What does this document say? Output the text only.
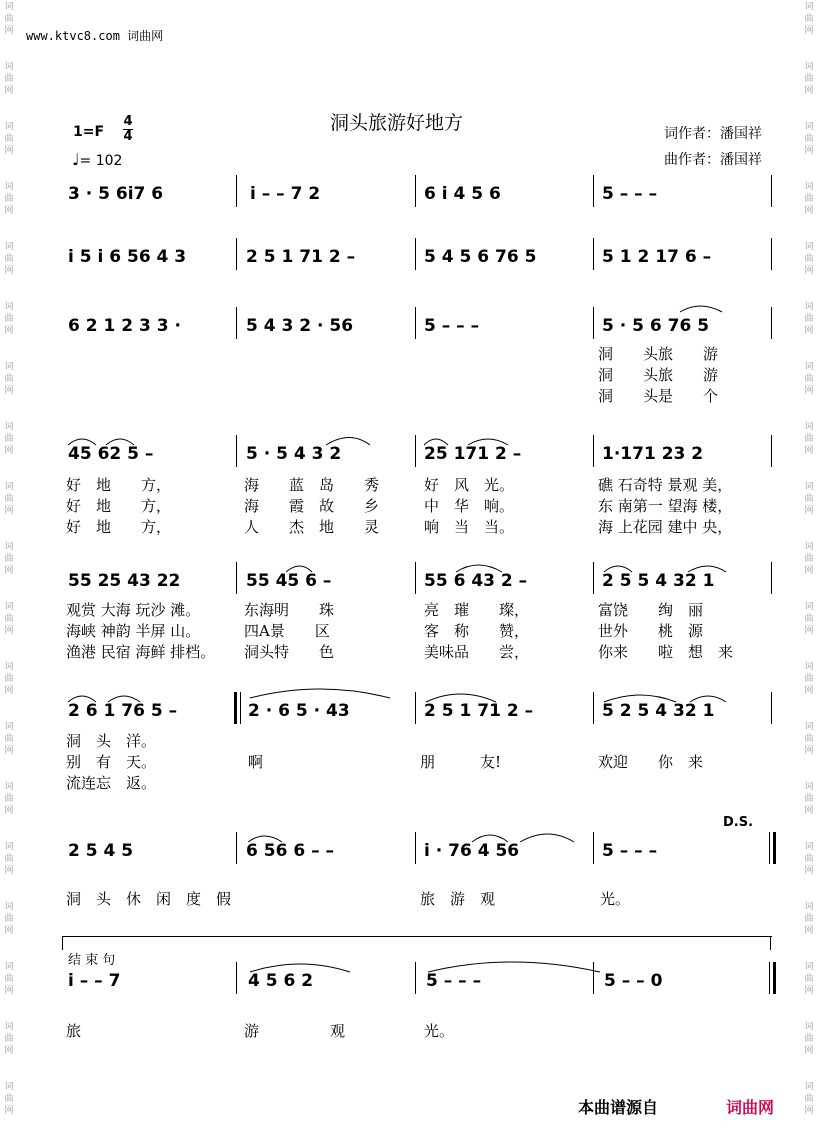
词
曲
网
词
曲
网
词
曲
网
词
曲
网
词
曲
网
词
曲
网
词
曲
网
词
曲
网
词
曲
网
词
曲
网
词
曲
网
词
曲
网
词
曲
网
词
曲
网
词
曲
网
词
曲
网
词
曲
网
词
曲
网
词
曲
网
词
曲
网
词
曲
网
词
曲
网
词
曲
网
词
曲
网
词
曲
网
词
曲
网
词
曲
网
词
曲
网
词
曲
网
词
曲
网
词
曲
网
词
曲
网
词
曲
网
词
曲
网
词
曲
网
词
曲
网
词
曲
网
词
曲
网
www.ktvc8.com 词曲网
洞头旅游好地方
1=F
4
4
♩= 102
词作者：潘国祥
曲作者：潘国祥
3 · 5 6i7 6	i – – 7 2	6 i 4 5 6	5 – – –
i 5 i 6 56 4 3	2 5 1 71 2 –	5 4 5 6 76 5	5 1 2 17 6 –
6 2 1 2 3 3 ·	5 4 3 2 · 56	5 – – –	5 · 5 6 76 5
洞　　头旅　　游
洞　　头旅　　游
洞　　头是　　个
45 62 5 –	5 · 5 4 3 2	25 171 2 –	1·171 23 2
好　地　　方，	海　　蓝　岛　　秀	好　风　光。	礁 石奇特 景观 美，
好　地　　方，	海　　霞　故　　乡	中　华　响。	东 南第一 望海 楼，
好　地　　方，	人　　杰　地　　灵	响　当　当。	海 上花园 建中 央，
55 25 43 22	55 45 6 –	55 6 43 2 –	2 5 5 4 32 1
观赏 大海 玩沙 滩。	东海明　　珠	亮　璀　　璨，	富饶　　绚　丽
海峡 神韵 半屏 山。	四A景　　区	客　称　　赞，	世外　　桃　源
渔港 民宿 海鲜 排档。 洞头特　　色	美味品　　尝，	你来　　啦　想　来
2 6 1 76 5 –	2 · 6 5 · 43	2 5 1 71 2 –	5 2 5 4 32 1
洞　头　洋。
别　有　天。	啊	朋　　　友!	欢迎　　你　来
流连忘　返。
D.S.
2 5 4 5	6 56 6 – –	i · 76 4 56	5 – – –
洞　头　休　闲　度　假	旅　游　观	光。
结 束 句
i – – 7	4 5 6 2	5 – – –	5 – – 0
旅	游	观	光。
本曲谱源自	词曲网
